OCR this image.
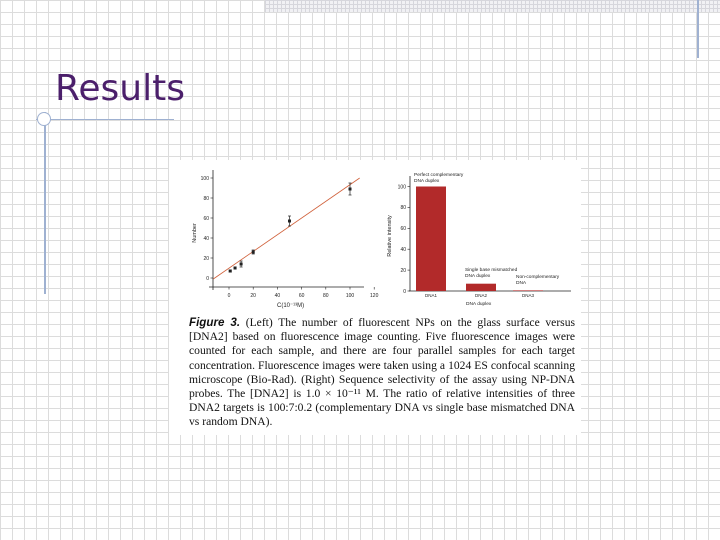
Results
0	20	40	60	80	100	120
0
20
40
60
80
100
C(10⁻¹³M)
Number
0
20
40
60
80
100
DNA1	DNA2	DNA3
Perfect complementary
DNA duplex
Single base mismatched
DNA duplex	Non-complementary
DNA
DNA duplex
Relative intensity
Figure 3. (Left) The number of fluorescent NPs on the glass surface versus [DNA2] based on fluorescence image counting. Five fluorescence images were counted for each sample, and there are four parallel samples for each target concentration. Fluorescence images were taken using a 1024 ES confocal scanning microscope (Bio-Rad). (Right) Sequence selectivity of the assay using NP-DNA probes. The [DNA2] is 1.0 × 10⁻¹¹ M. The ratio of relative intensities of three DNA2 targets is 100:7:0.2 (complementary DNA vs single base mismatched DNA vs random DNA).
